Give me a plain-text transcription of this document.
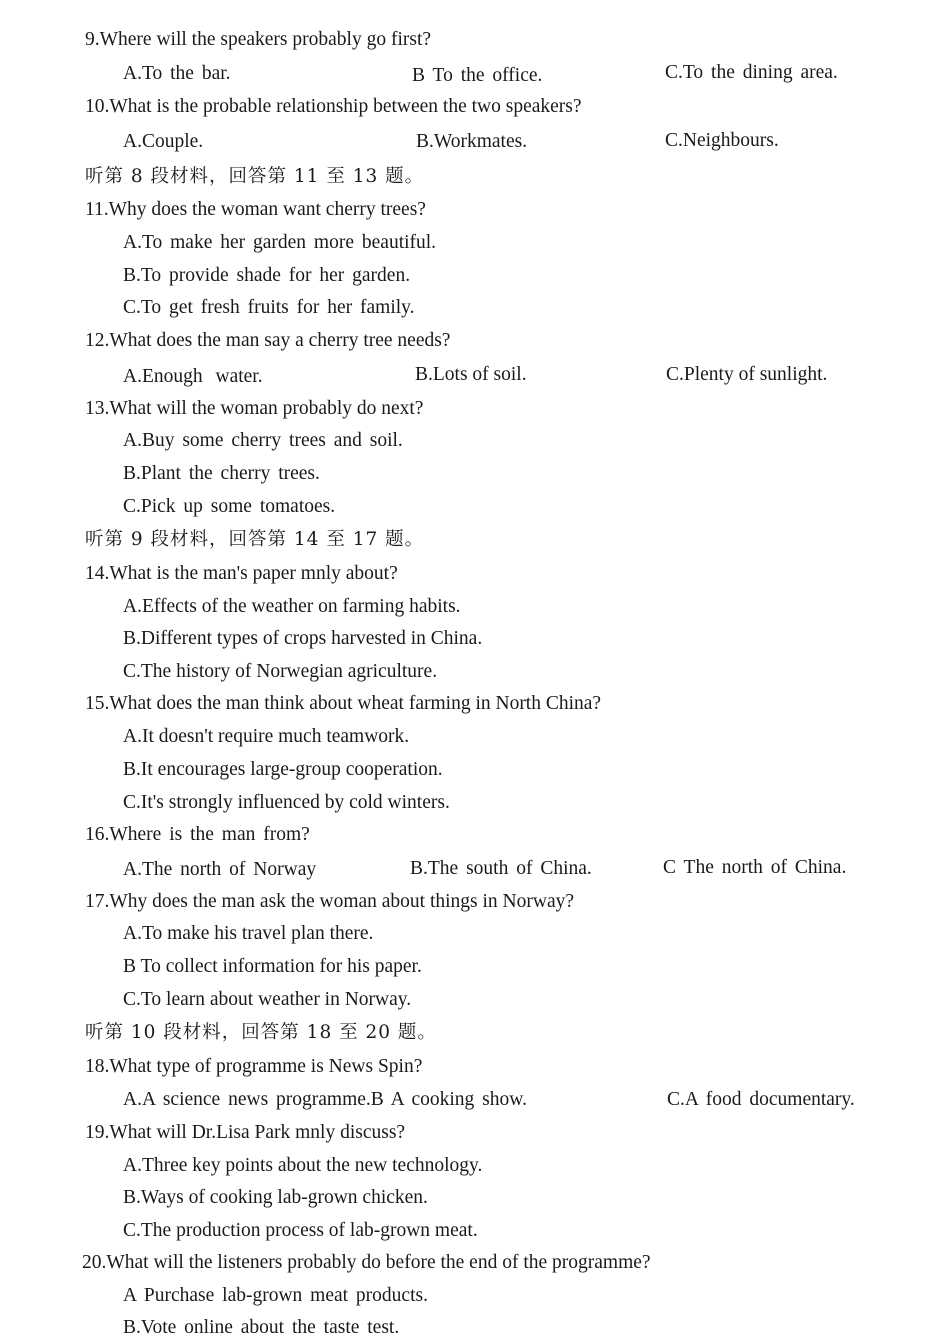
9.Where will the speakers probably go first?
A.To the bar.	B To the office.	C.To the dining area.
10.What is the probable relationship between the two speakers?
A.Couple.	B.Workmates.	C.Neighbours.
听第 8 段材料，回答第 11 至 13 题。
11.Why does the woman want cherry trees?
A.To make her garden more beautiful.
B.To provide shade for her garden.
C.To get fresh fruits for her family.
12.What does the man say a cherry tree needs?
A.Enough water.	B.Lots of soil.	C.Plenty of sunlight.
13.What will the woman probably do next?
A.Buy some cherry trees and soil.
B.Plant the cherry trees.
C.Pick up some tomatoes.
听第 9 段材料，回答第 14 至 17 题。
14.What is the man's paper mnly about?
A.Effects of the weather on farming habits.
B.Different types of crops harvested in China.
C.The history of Norwegian agriculture.
15.What does the man think about wheat farming in North China?
A.It doesn't require much teamwork.
B.It encourages large-group cooperation.
C.It's strongly influenced by cold winters.
16.Where is the man from?
A.The north of Norway	B.The south of China.	C The north of China.
17.Why does the man ask the woman about things in Norway?
A.To make his travel plan there.
B To collect information for his paper.
C.To learn about weather in Norway.
听第 10 段材料，回答第 18 至 20 题。
18.What type of programme is News Spin?
A.A science news programme.B A cooking show.	C.A food documentary.
19.What will Dr.Lisa Park mnly discuss?
A.Three key points about the new technology.
B.Ways of cooking lab-grown chicken.
C.The production process of lab-grown meat.
20.What will the listeners probably do before the end of the programme?
A Purchase lab-grown meat products.
B.Vote online about the taste test.
